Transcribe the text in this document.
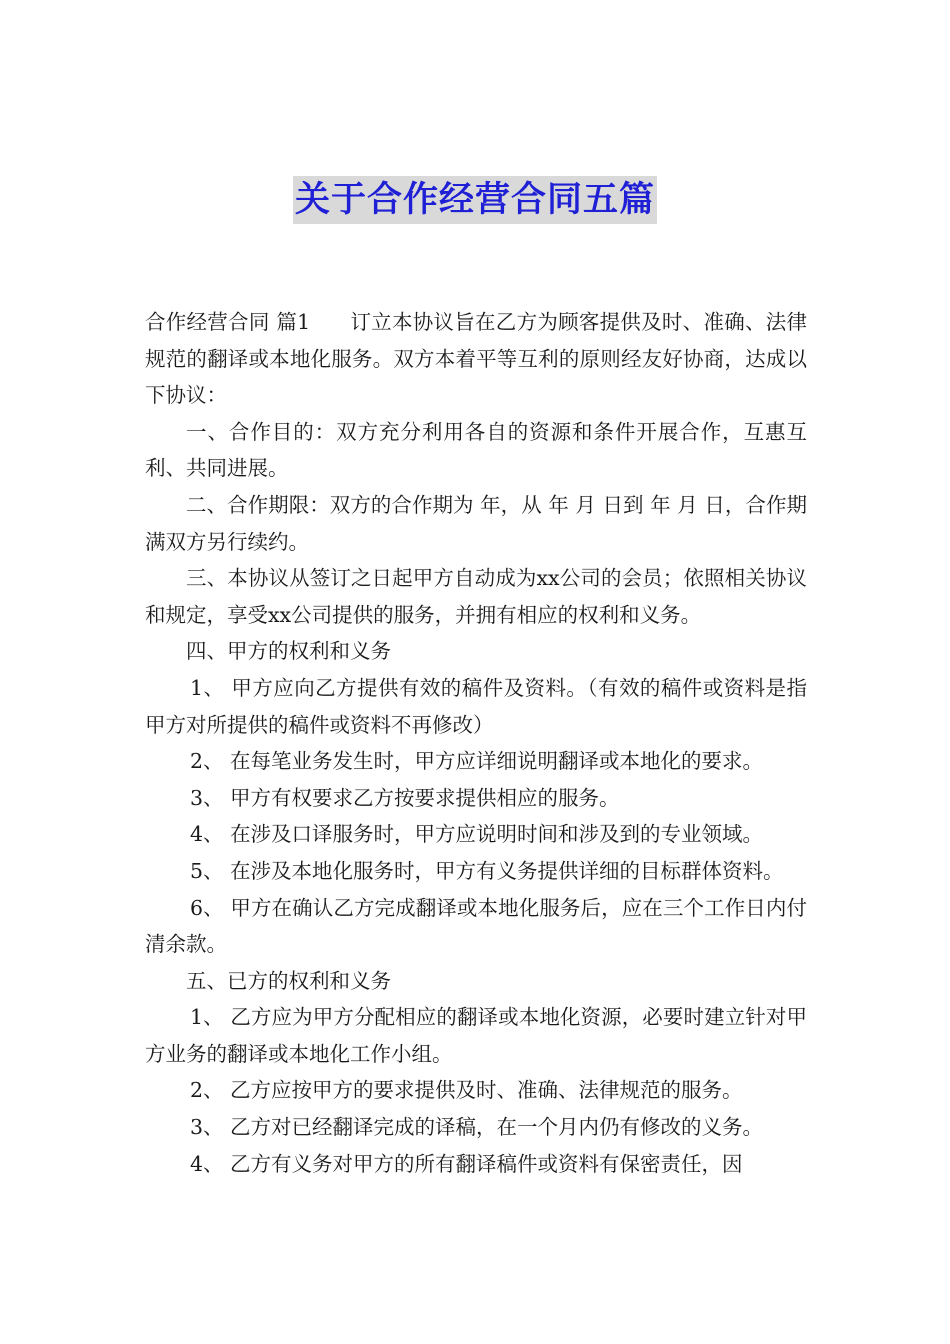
关于合作经营合同五篇

合作经营合同 篇1 订立本协议旨在乙方为顾客提供及时、准确、法律规范的翻译或本地化服务。双方本着平等互利的原则经友好协商，达成以下协议：

一、合作目的：双方充分利用各自的资源和条件开展合作，互惠互利、共同进展。

二、合作期限：双方的合作期为 年，从 年 月 日到 年 月 日，合作期满双方另行续约。

三、本协议从签订之日起甲方自动成为xx公司的会员；依照相关协议和规定，享受xx公司提供的服务，并拥有相应的权利和义务。

四、甲方的权利和义务

1、 甲方应向乙方提供有效的稿件及资料。（有效的稿件或资料是指甲方对所提供的稿件或资料不再修改）

2、 在每笔业务发生时，甲方应详细说明翻译或本地化的要求。

3、 甲方有权要求乙方按要求提供相应的服务。

4、 在涉及口译服务时，甲方应说明时间和涉及到的专业领域。

5、 在涉及本地化服务时，甲方有义务提供详细的目标群体资料。

6、 甲方在确认乙方完成翻译或本地化服务后，应在三个工作日内付清余款。

五、已方的权利和义务

1、 乙方应为甲方分配相应的翻译或本地化资源，必要时建立针对甲方业务的翻译或本地化工作小组。

2、 乙方应按甲方的要求提供及时、准确、法律规范的服务。

3、 乙方对已经翻译完成的译稿，在一个月内仍有修改的义务。

4、 乙方有义务对甲方的所有翻译稿件或资料有保密责任，因
